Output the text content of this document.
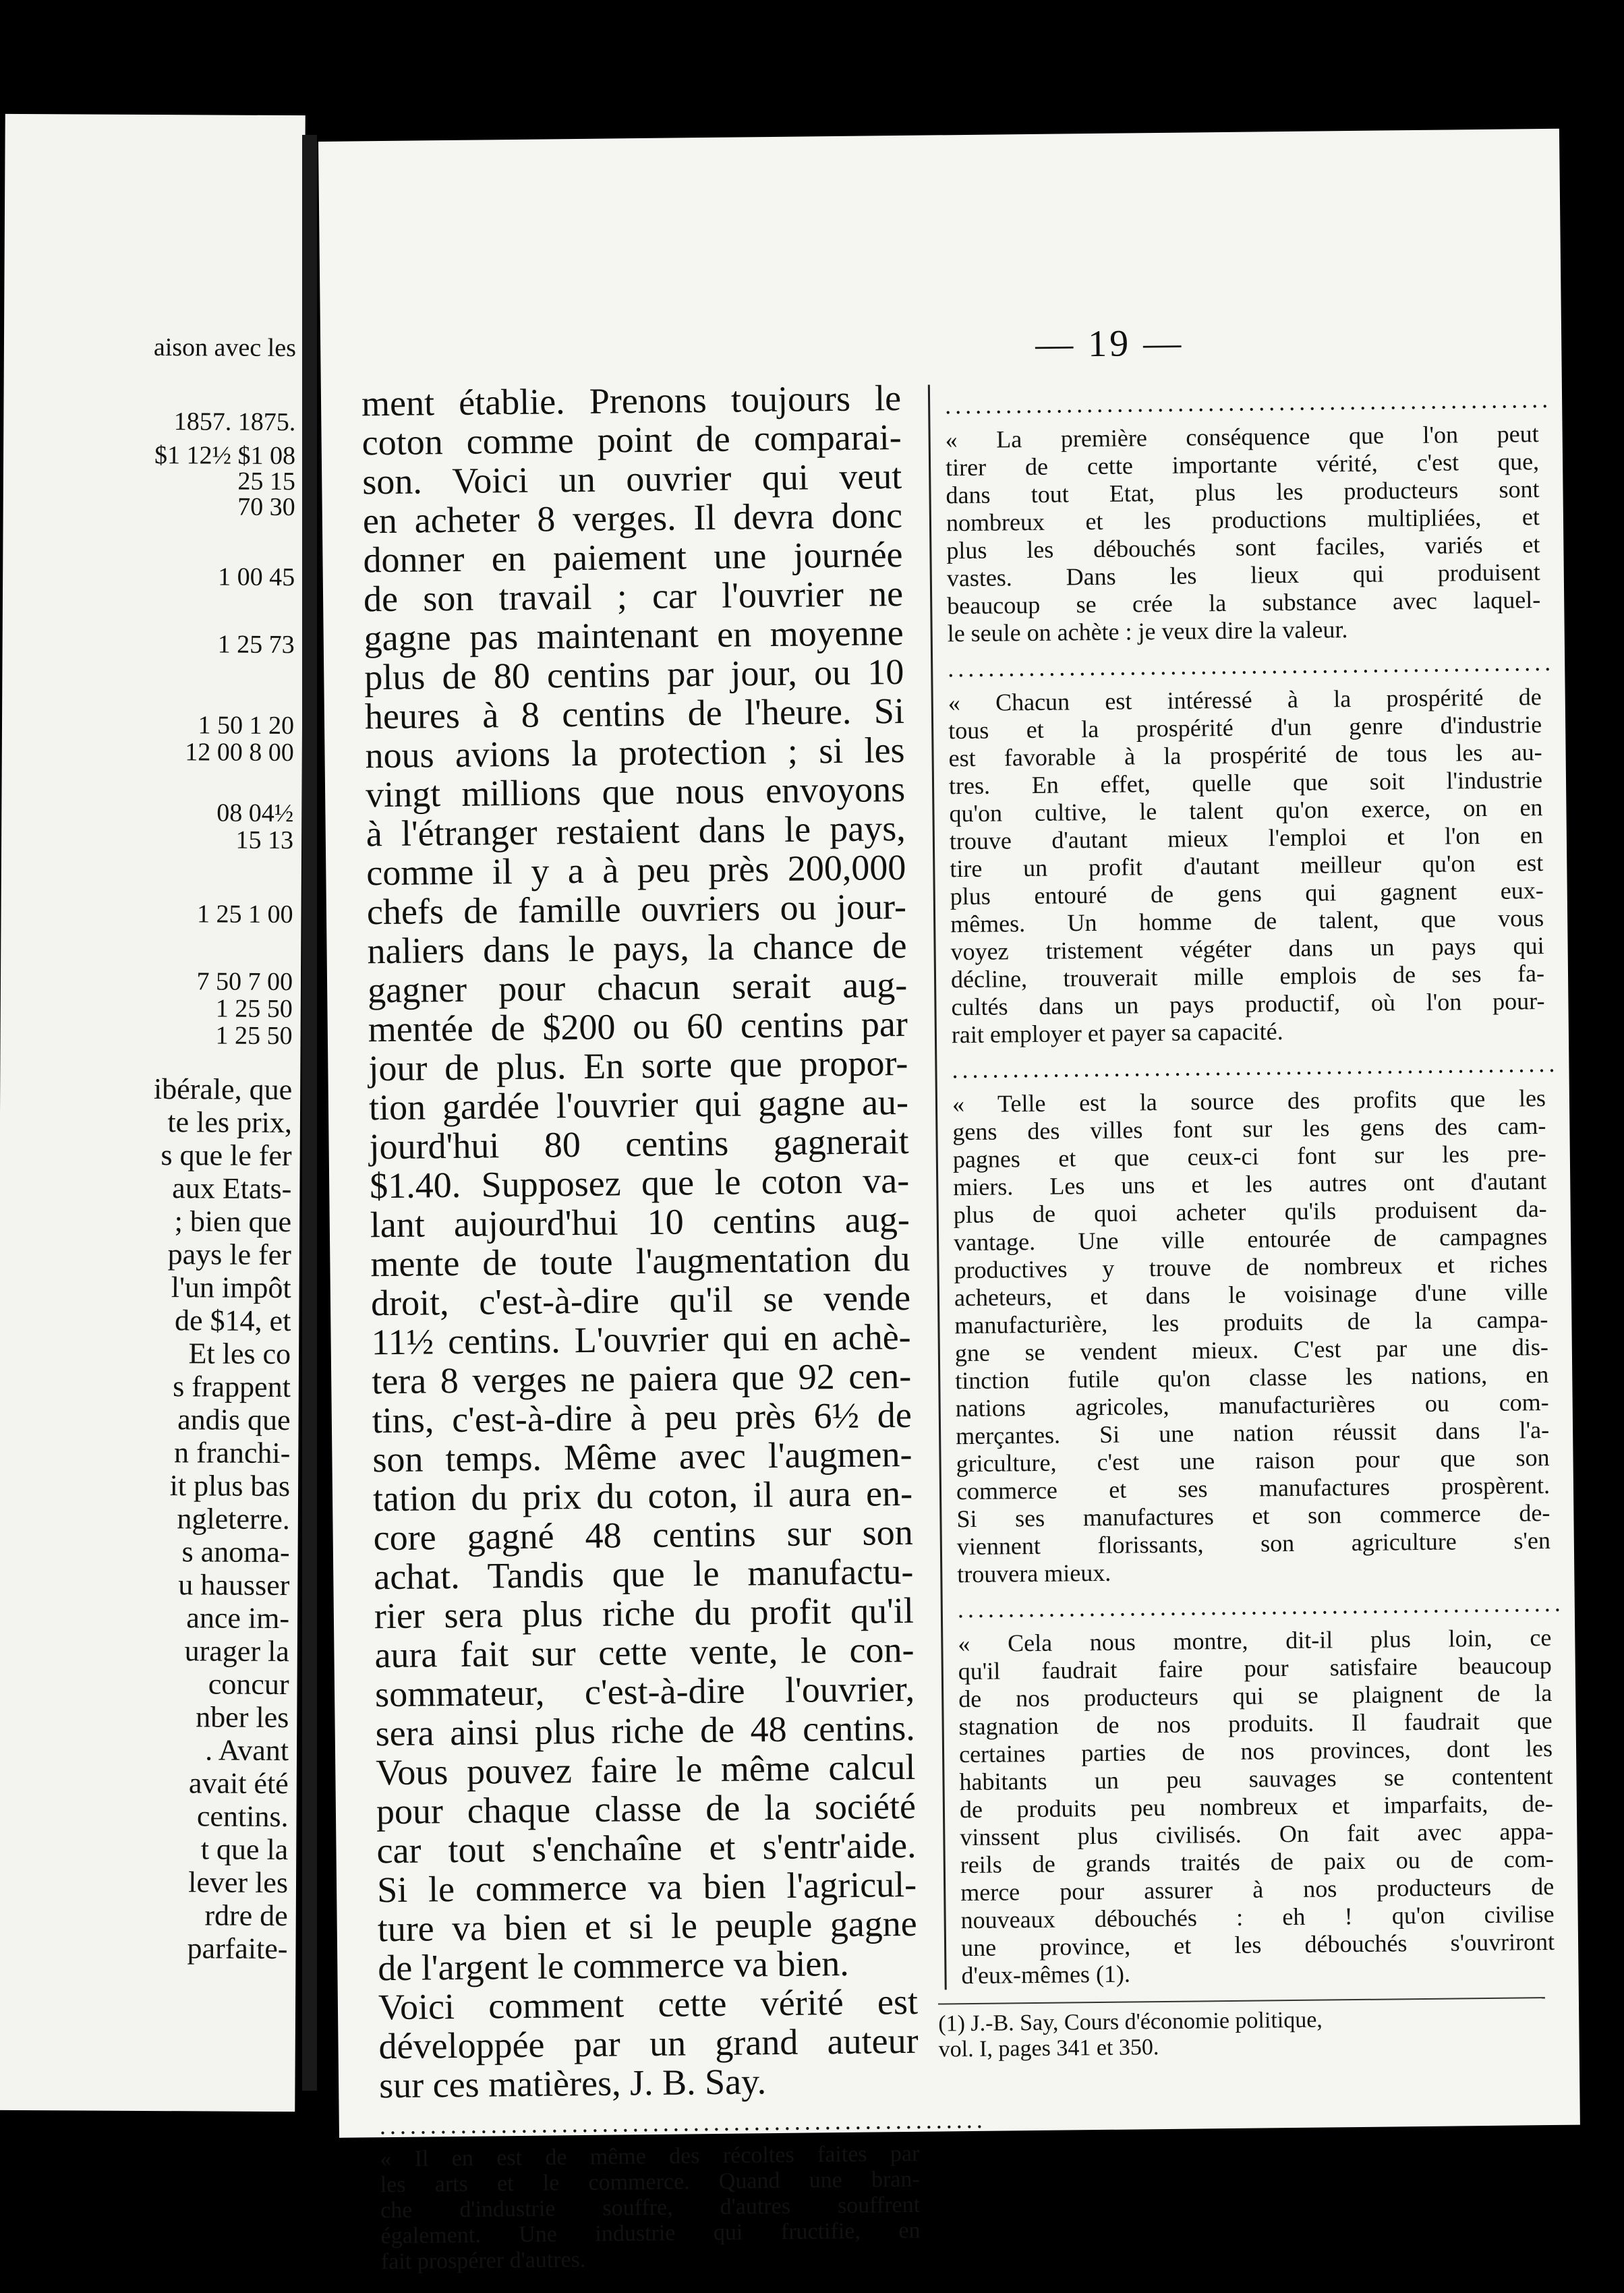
aison avec les
1857. 1875.
$1 12½ $1 08
25 15
70 30
1 00 45
1 25 73
1 50 1 20
12 00 8 00
08 04½
15 13
1 25 1 00
7 50 7 00
1 25 50
1 25 50
ibérale, que
te les prix,
s que le fer
aux Etats-
; bien que
pays le fer
l'un impôt
de $14, et
Et les co
s frappent
andis que
n franchi-
it plus bas
ngleterre.
s anoma-
u hausser
ance im-
urager la
concur
nber les
. Avant
avait été
centins.
t que la
lever les
rdre de
parfaite-
— 19 —

ment établie. Prenons toujours le

coton comme point de comparai-

son. Voici un ouvrier qui veut

en acheter 8 verges. Il devra donc

donner en paiement une journée

de son travail ; car l'ouvrier ne

gagne pas maintenant en moyenne

plus de 80 centins par jour, ou 10

heures à 8 centins de l'heure. Si

nous avions la protection ; si les

vingt millions que nous envoyons

à l'étranger restaient dans le pays,

comme il y a à peu près 200,000

chefs de famille ouvriers ou jour-

naliers dans le pays, la chance de

gagner pour chacun serait aug-

mentée de $200 ou 60 centins par

jour de plus. En sorte que propor-

tion gardée l'ouvrier qui gagne au-

jourd'hui 80 centins gagnerait

$1.40. Supposez que le coton va-

lant aujourd'hui 10 centins aug-

mente de toute l'augmentation du

droit, c'est-à-dire qu'il se vende

11½ centins. L'ouvrier qui en achè-

tera 8 verges ne paiera que 92 cen-

tins, c'est-à-dire à peu près 6½ de

son temps. Même avec l'augmen-

tation du prix du coton, il aura en-

core gagné 48 centins sur son

achat. Tandis que le manufactu-

rier sera plus riche du profit qu'il

aura fait sur cette vente, le con-

sommateur, c'est-à-dire l'ouvrier,

sera ainsi plus riche de 48 centins.

Vous pouvez faire le même calcul

pour chaque classe de la société

car tout s'enchaîne et s'entr'aide.

Si le commerce va bien l'agricul-

ture va bien et si le peuple gagne

de l'argent le commerce va bien.

Voici comment cette vérité est

développée par un grand auteur

sur ces matières, J. B. Say.

............................................................

« Il en est de même des récoltes faites par

les arts et le commerce. Quand une bran-

che d'industrie souffre, d'autres souffrent

également. Une industrie qui fructifie, en

fait prospérer d'autres.

............................................................

« La première conséquence que l'on peut

tirer de cette importante vérité, c'est que,

dans tout Etat, plus les producteurs sont

nombreux et les productions multipliées, et

plus les débouchés sont faciles, variés et

vastes. Dans les lieux qui produisent

beaucoup se crée la substance avec laquel-

le seule on achète : je veux dire la valeur.

............................................................

« Chacun est intéressé à la prospérité de

tous et la prospérité d'un genre d'industrie

est favorable à la prospérité de tous les au-

tres. En effet, quelle que soit l'industrie

qu'on cultive, le talent qu'on exerce, on en

trouve d'autant mieux l'emploi et l'on en

tire un profit d'autant meilleur qu'on est

plus entouré de gens qui gagnent eux-

mêmes. Un homme de talent, que vous

voyez tristement végéter dans un pays qui

décline, trouverait mille emplois de ses fa-

cultés dans un pays productif, où l'on pour-

rait employer et payer sa capacité.

............................................................

« Telle est la source des profits que les

gens des villes font sur les gens des cam-

pagnes et que ceux-ci font sur les pre-

miers. Les uns et les autres ont d'autant

plus de quoi acheter qu'ils produisent da-

vantage. Une ville entourée de campagnes

productives y trouve de nombreux et riches

acheteurs, et dans le voisinage d'une ville

manufacturière, les produits de la campa-

gne se vendent mieux. C'est par une dis-

tinction futile qu'on classe les nations, en

nations agricoles, manufacturières ou com-

merçantes. Si une nation réussit dans l'a-

griculture, c'est une raison pour que son

commerce et ses manufactures prospèrent.

Si ses manufactures et son commerce de-

viennent florissants, son agriculture s'en

trouvera mieux.

............................................................

« Cela nous montre, dit-il plus loin, ce

qu'il faudrait faire pour satisfaire beaucoup

de nos producteurs qui se plaignent de la

stagnation de nos produits. Il faudrait que

certaines parties de nos provinces, dont les

habitants un peu sauvages se contentent

de produits peu nombreux et imparfaits, de-

vinssent plus civilisés. On fait avec appa-

reils de grands traités de paix ou de com-

merce pour assurer à nos producteurs de

nouveaux débouchés : eh ! qu'on civilise

une province, et les débouchés s'ouvriront

d'eux-mêmes (1).

(1) J.-B. Say, Cours d'économie politique,

vol. I, pages 341 et 350.
